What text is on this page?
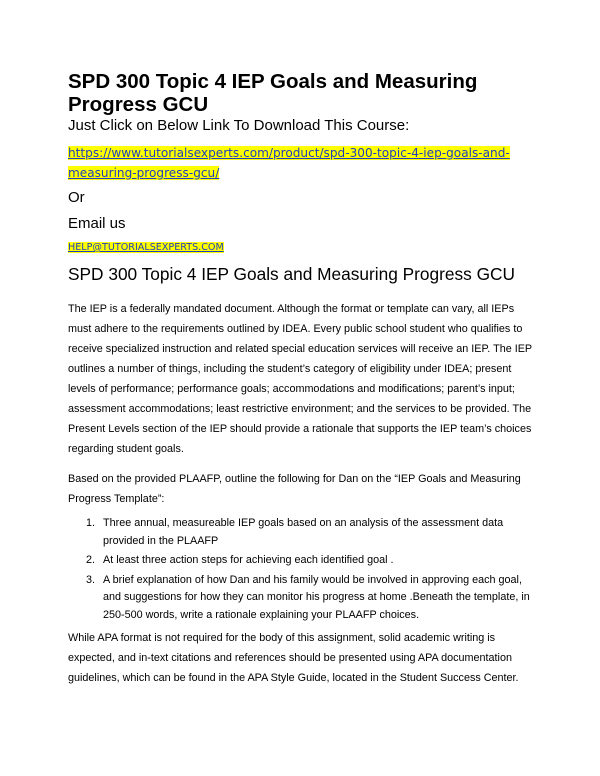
SPD 300 Topic 4 IEP Goals and Measuring Progress GCU

Just Click on Below Link To Download This Course:

https://www.tutorialsexperts.com/product/spd-300-topic-4-iep-goals-and-measuring-progress-gcu/
Or
Email us
HELP@TUTORIALSEXPERTS.COM
SPD 300 Topic 4 IEP Goals and Measuring Progress GCU

The IEP is a federally mandated document. Although the format or template can vary, all IEPs must adhere to the requirements outlined by IDEA. Every public school student who qualifies to receive specialized instruction and related special education services will receive an IEP. The IEP outlines a number of things, including the student’s category of eligibility under IDEA; present levels of performance; performance goals; accommodations and modifications; parent’s input; assessment accommodations; least restrictive environment; and the services to be provided. The Present Levels section of the IEP should provide a rationale that supports the IEP team’s choices regarding student goals.

Based on the provided PLAAFP, outline the following for Dan on the “IEP Goals and Measuring Progress Template”:

1. Three annual, measureable IEP goals based on an analysis of the assessment data provided in the PLAAFP
2. At least three action steps for achieving each identified goal .
3. A brief explanation of how Dan and his family would be involved in approving each goal, and suggestions for how they can monitor his progress at home .Beneath the template, in 250-500 words, write a rationale explaining your PLAAFP choices.

While APA format is not required for the body of this assignment, solid academic writing is expected, and in-text citations and references should be presented using APA documentation guidelines, which can be found in the APA Style Guide, located in the Student Success Center.
